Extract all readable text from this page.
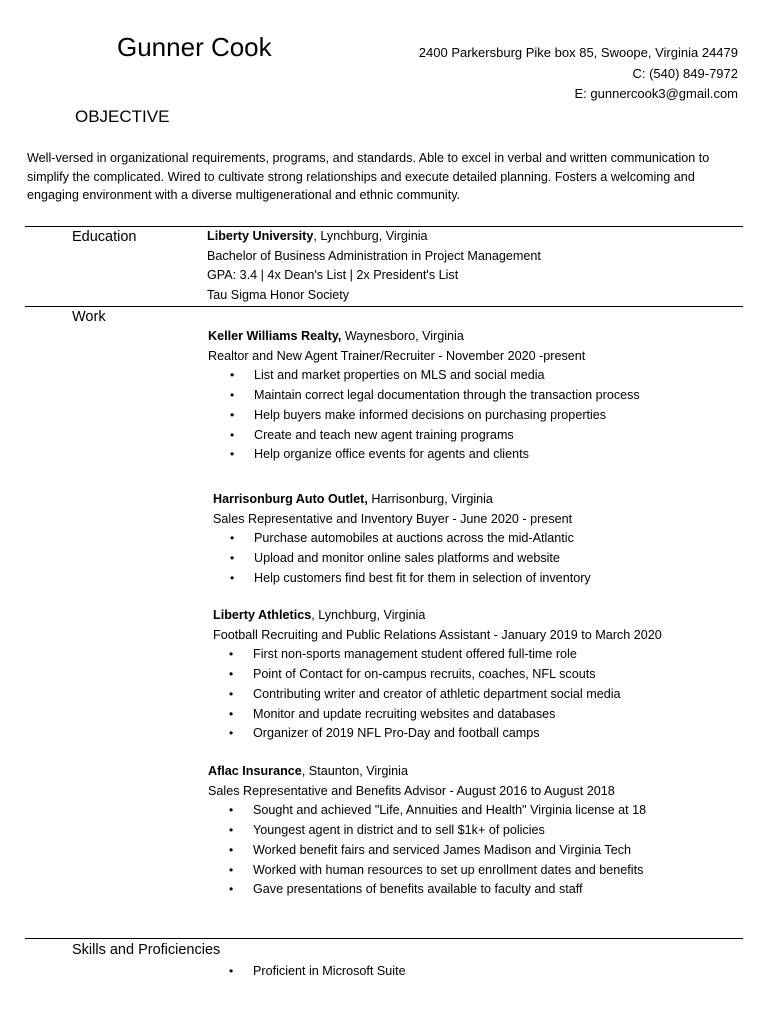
Gunner Cook	2400 Parkersburg Pike box 85, Swoope, Virginia 24479
C: (540) 849-7972
E: gunnercook3@gmail.com
OBJECTIVE
Well-versed in organizational requirements, programs, and standards. Able to excel in verbal and written communication to simplify the complicated. Wired to cultivate strong relationships and execute detailed planning. Fosters a welcoming and engaging environment with a diverse multigenerational and ethnic community.
Education	Liberty University, Lynchburg, Virginia
Bachelor of Business Administration in Project Management
GPA: 3.4 | 4x Dean's List | 2x President's List
Tau Sigma Honor Society
Work
Keller Williams Realty, Waynesboro, Virginia
Realtor and New Agent Trainer/Recruiter - November 2020 -present
• List and market properties on MLS and social media
• Maintain correct legal documentation through the transaction process
• Help buyers make informed decisions on purchasing properties
• Create and teach new agent training programs
• Help organize office events for agents and clients
Harrisonburg Auto Outlet, Harrisonburg, Virginia
Sales Representative and Inventory Buyer - June 2020 - present
• Purchase automobiles at auctions across the mid-Atlantic
• Upload and monitor online sales platforms and website
• Help customers find best fit for them in selection of inventory
Liberty Athletics, Lynchburg, Virginia
Football Recruiting and Public Relations Assistant - January 2019 to March 2020
• First non-sports management student offered full-time role
• Point of Contact for on-campus recruits, coaches, NFL scouts
• Contributing writer and creator of athletic department social media
• Monitor and update recruiting websites and databases
• Organizer of 2019 NFL Pro-Day and football camps
Aflac Insurance, Staunton, Virginia
Sales Representative and Benefits Advisor - August 2016 to August 2018
• Sought and achieved "Life, Annuities and Health" Virginia license at 18
• Youngest agent in district and to sell $1k+ of policies
• Worked benefit fairs and serviced James Madison and Virginia Tech
• Worked with human resources to set up enrollment dates and benefits
• Gave presentations of benefits available to faculty and staff
Skills and Proficiencies
• Proficient in Microsoft Suite
